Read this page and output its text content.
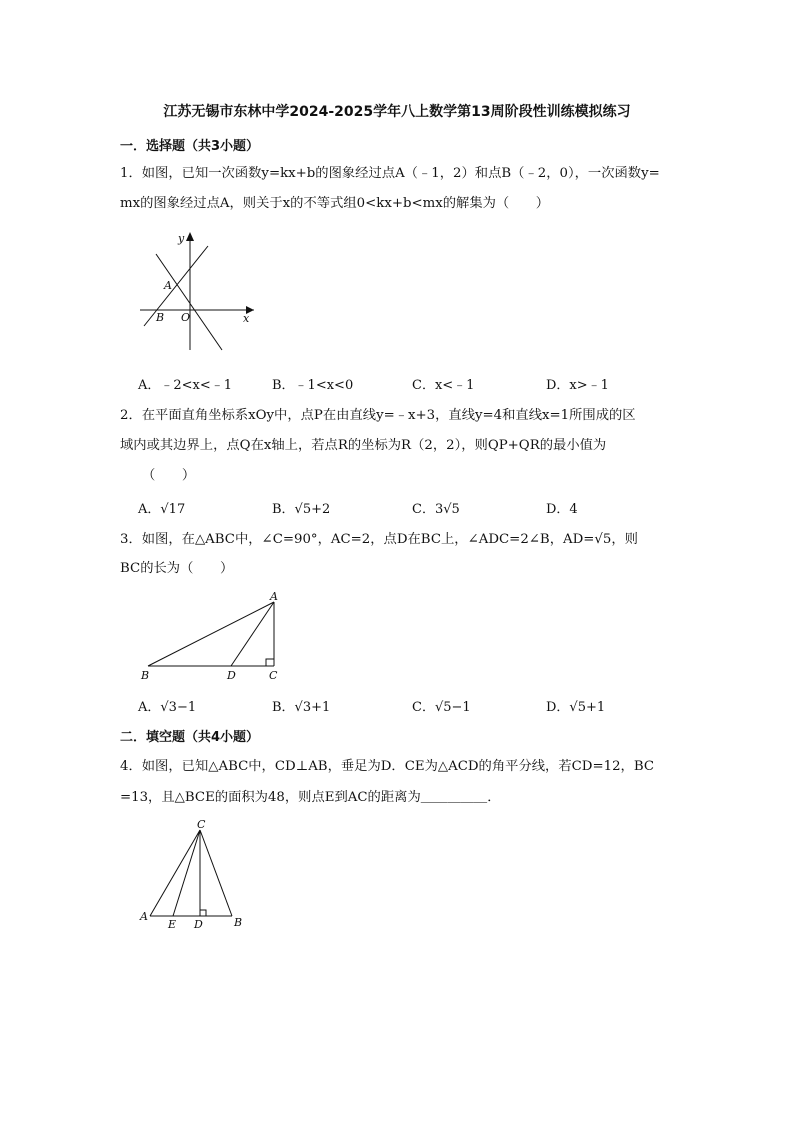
江苏无锡市东林中学2024-2025学年八上数学第13周阶段性训练模拟练习
一．选择题（共3小题）
1．如图，已知一次函数y=kx+b的图象经过点A（﹣1，2）和点B（﹣2，0），一次函数y=
mx的图象经过点A，则关于x的不等式组0<kx+b<mx的解集为（　　）
y
x
A
B O
A．﹣2<x<﹣1	B．﹣1<x<0	C．x<﹣1	D．x>﹣1
2．在平面直角坐标系xOy中，点P在由直线y=﹣x+3，直线y=4和直线x=1所围成的区
域内或其边界上，点Q在x轴上，若点R的坐标为R（2，2），则QP+QR的最小值为
（　　）
A．√17	B．√5+2	C．3√5	D．4
3．如图，在△ABC中，∠C=90°，AC=2，点D在BC上，∠ADC=2∠B，AD=√5，则
BC的长为（　　）
A
B	D	C
A．√3−1	B．√3+1	C．√5−1	D．√5+1
二．填空题（共4小题）
4．如图，已知△ABC中，CD⊥AB，垂足为D．CE为△ACD的角平分线，若CD=12，BC
=13，且△BCE的面积为48，则点E到AC的距离为＿＿＿＿＿．
C
A
E D	B
